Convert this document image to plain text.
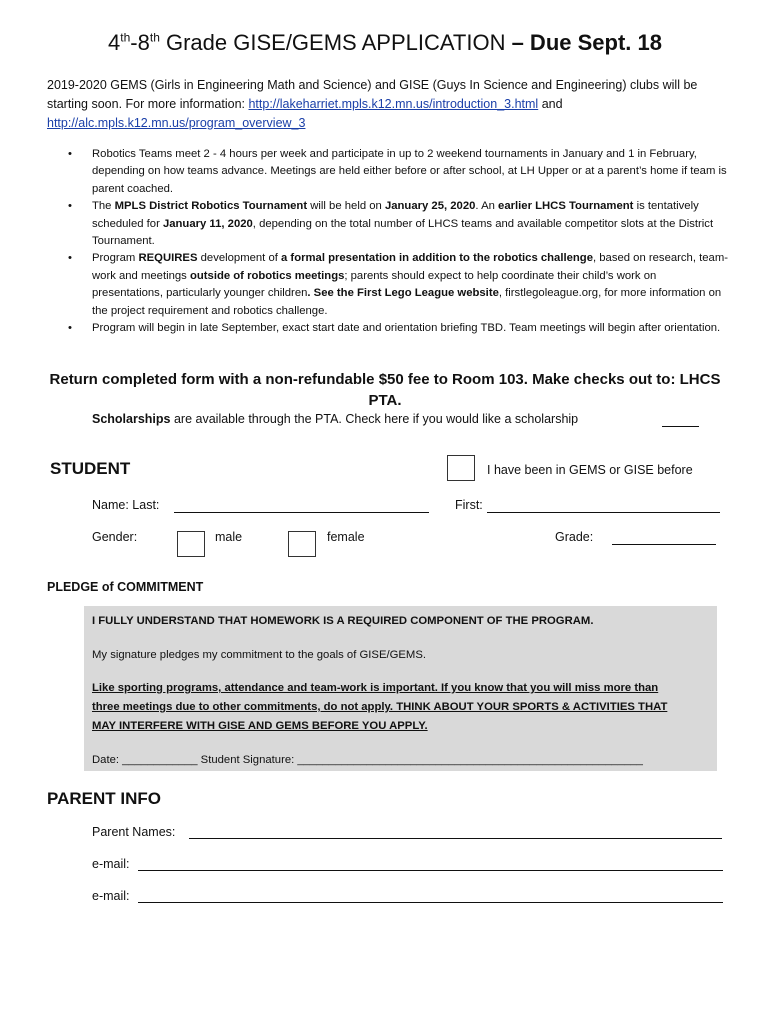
4th-8th Grade GISE/GEMS APPLICATION – Due Sept. 18
2019-2020 GEMS (Girls in Engineering Math and Science) and GISE (Guys In Science and Engineering) clubs will be starting soon. For more information: http://lakeharriet.mpls.k12.mn.us/introduction_3.html and
http://alc.mpls.k12.mn.us/program_overview_3
• Robotics Teams meet 2 - 4 hours per week and participate in up to 2 weekend tournaments in January and 1 in February, depending on how teams advance. Meetings are held either before or after school, at LH Upper or at a parent’s home if team is parent coached.
• The MPLS District Robotics Tournament will be held on January 25, 2020. An earlier LHCS Tournament is tentatively scheduled for January 11, 2020, depending on the total number of LHCS teams and available competitor slots at the District Tournament.
• Program REQUIRES development of a formal presentation in addition to the robotics challenge, based on research, team-work and meetings outside of robotics meetings; parents should expect to help coordinate their child’s work on presentations, particularly younger children. See the First Lego League website, firstlegoleague.org, for more information on the project requirement and robotics challenge.
• Program will begin in late September, exact start date and orientation briefing TBD. Team meetings will begin after orientation.
Return completed form with a non-refundable $50 fee to Room 103. Make checks out to: LHCS PTA.
Scholarships are available through the PTA. Check here if you would like a scholarship
STUDENT	I have been in GEMS or GISE before
Name: Last:	First:
Gender:	male	female	Grade:
PLEDGE of COMMITMENT
I FULLY UNDERSTAND THAT HOMEWORK IS A REQUIRED COMPONENT OF THE PROGRAM.
My signature pledges my commitment to the goals of GISE/GEMS.
Like sporting programs, attendance and team-work is important. If you know that you will miss more than
three meetings due to other commitments, do not apply. THINK ABOUT YOUR SPORTS & ACTIVITIES THAT
MAY INTERFERE WITH GISE AND GEMS BEFORE YOU APPLY.
Date: ____________ Student Signature: _______________________________________________________
PARENT INFO
Parent Names:
e-mail:
e-mail:
